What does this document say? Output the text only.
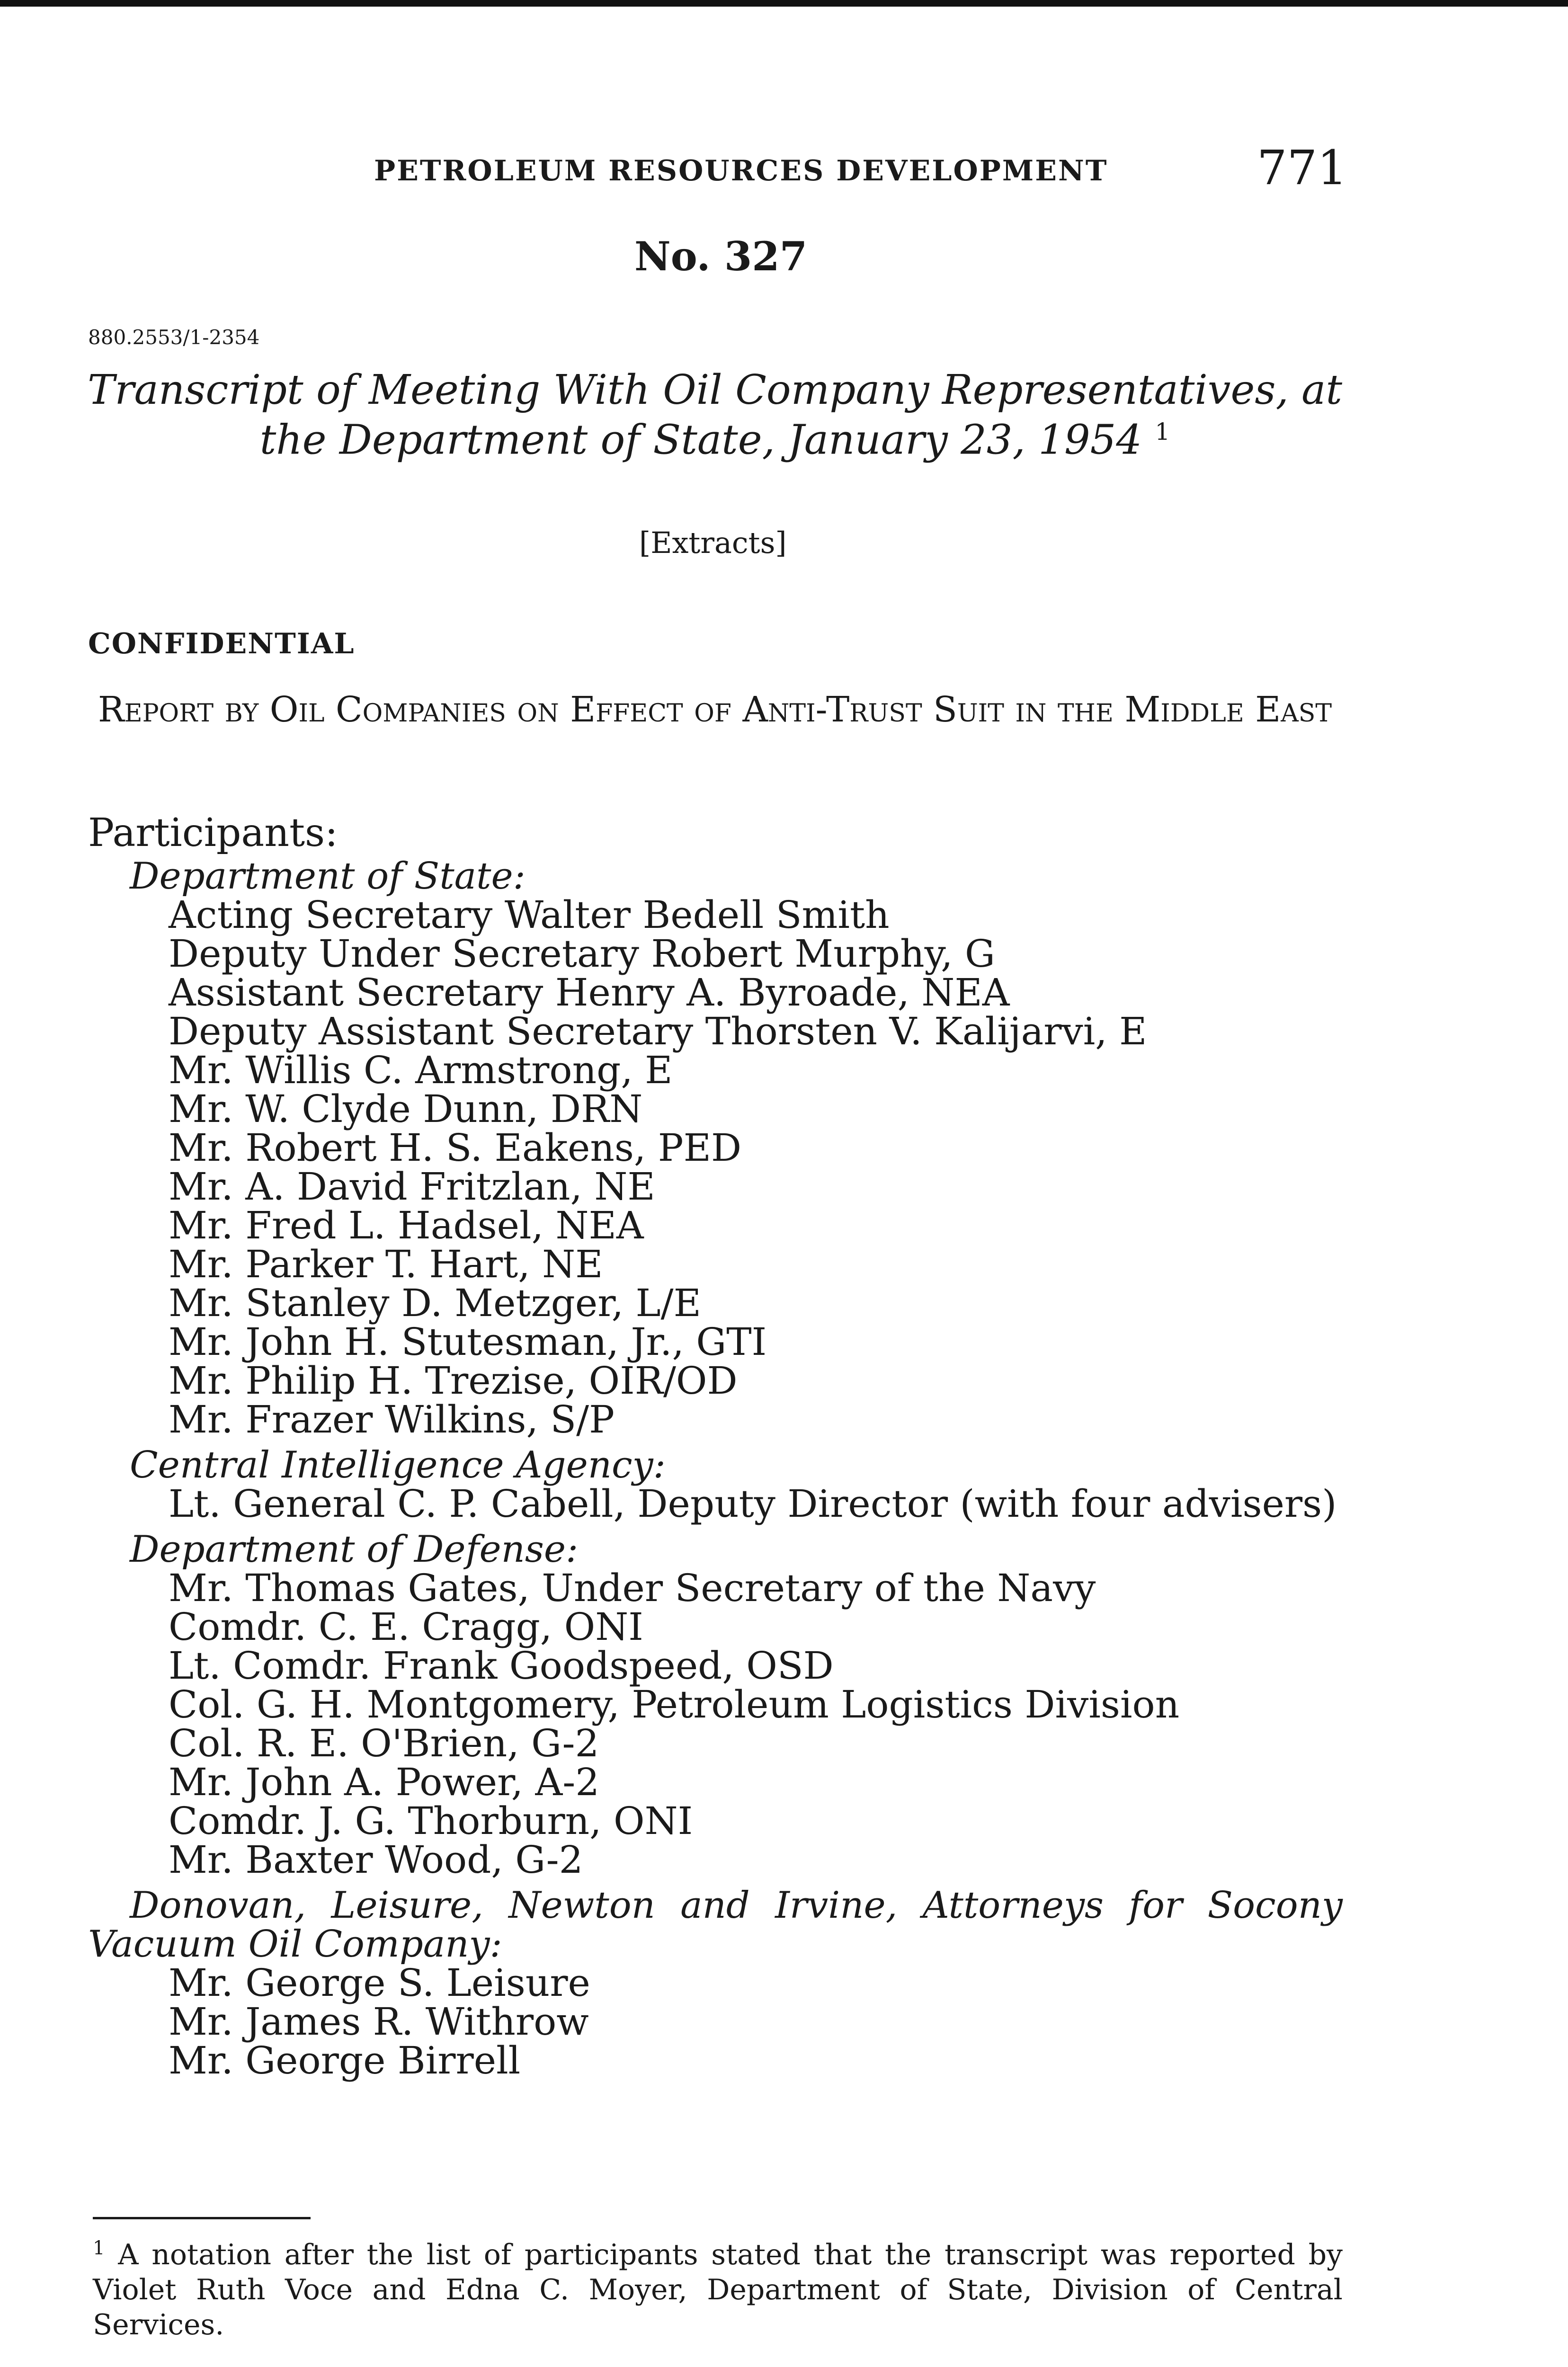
PETROLEUM RESOURCES DEVELOPMENT	771
No. 327
880.2553/1-2354
Transcript of Meeting With Oil Company Representatives, at the Department of State, January 23, 1954 $^1$
[Extracts]
CONFIDENTIAL
Report by Oil Companies on Effect of Anti-Trust Suit in the Middle East
Participants:
Department of State:
Acting Secretary Walter Bedell Smith
Deputy Under Secretary Robert Murphy, G
Assistant Secretary Henry A. Byroade, NEA
Deputy Assistant Secretary Thorsten V. Kalijarvi, E
Mr. Willis C. Armstrong, E
Mr. W. Clyde Dunn, DRN
Mr. Robert H. S. Eakens, PED
Mr. A. David Fritzlan, NE
Mr. Fred L. Hadsel, NEA
Mr. Parker T. Hart, NE
Mr. Stanley D. Metzger, L/E
Mr. John H. Stutesman, Jr., GTI
Mr. Philip H. Trezise, OIR/OD
Mr. Frazer Wilkins, S/P
Central Intelligence Agency:
Lt. General C. P. Cabell, Deputy Director (with four advisers)
Department of Defense:
Mr. Thomas Gates, Under Secretary of the Navy
Comdr. C. E. Cragg, ONI
Lt. Comdr. Frank Goodspeed, OSD
Col. G. H. Montgomery, Petroleum Logistics Division
Col. R. E. O'Brien, G-2
Mr. John A. Power, A-2
Comdr. J. G. Thorburn, ONI
Mr. Baxter Wood, G-2
Donovan, Leisure, Newton and Irvine, Attorneys for Socony
Vacuum Oil Company:
Mr. George S. Leisure
Mr. James R. Withrow
Mr. George Birrell
$^1$ A notation after the list of participants stated that the transcript was reported by Violet Ruth Voce and Edna C. Moyer, Department of State, Division of Central Services.
